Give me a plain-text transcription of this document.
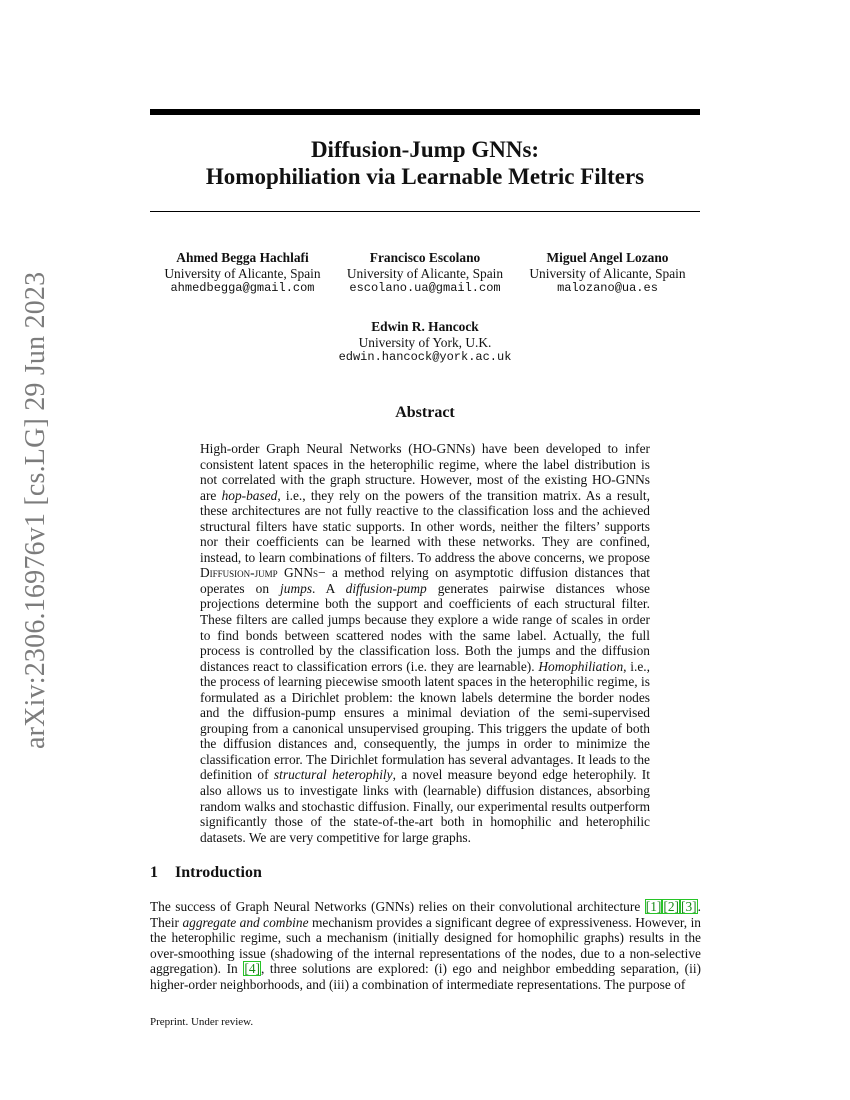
Diffusion-Jump GNNs:
Homophiliation via Learnable Metric Filters
arXiv:2306.16976v1 [cs.LG] 29 Jun 2023
Ahmed Begga Hachlafi
University of Alicante, Spain
ahmedbegga@gmail.com
Francisco Escolano
University of Alicante, Spain
escolano.ua@gmail.com
Miguel Angel Lozano
University of Alicante, Spain
malozano@ua.es
Edwin R. Hancock
University of York, U.K.
edwin.hancock@york.ac.uk
Abstract
High-order Graph Neural Networks (HO-GNNs) have been developed to infer consistent latent spaces in the heterophilic regime, where the label distribution is not correlated with the graph structure. However, most of the existing HO-GNNs are hop-based, i.e., they rely on the powers of the transition matrix. As a result, these architectures are not fully reactive to the classification loss and the achieved structural filters have static supports. In other words, neither the filters’ supports nor their coefficients can be learned with these networks. They are confined, instead, to learn combinations of filters. To address the above concerns, we propose Diffusion-jump GNNs− a method relying on asymptotic diffusion distances that operates on jumps. A diffusion-pump generates pairwise distances whose projections determine both the support and coefficients of each structural filter. These filters are called jumps because they explore a wide range of scales in order to find bonds between scattered nodes with the same label. Actually, the full process is controlled by the classification loss. Both the jumps and the diffusion distances react to classification errors (i.e. they are learnable). Homophiliation, i.e., the process of learning piecewise smooth latent spaces in the heterophilic regime, is formulated as a Dirichlet problem: the known labels determine the border nodes and the diffusion-pump ensures a minimal deviation of the semi-supervised grouping from a canonical unsupervised grouping. This triggers the update of both the diffusion distances and, consequently, the jumps in order to minimize the classification error. The Dirichlet formulation has several advantages. It leads to the definition of structural heterophily, a novel measure beyond edge heterophily. It also allows us to investigate links with (learnable) diffusion distances, absorbing random walks and stochastic diffusion. Finally, our experimental results outperform significantly those of the state-of-the-art both in homophilic and heterophilic datasets. We are very competitive for large graphs.
1 Introduction
The success of Graph Neural Networks (GNNs) relies on their convolutional architecture [1] [2] [3]. Their aggregate and combine mechanism provides a significant degree of expressiveness. However, in the heterophilic regime, such a mechanism (initially designed for homophilic graphs) results in the over-smoothing issue (shadowing of the internal representations of the nodes, due to a non-selective aggregation). In [4], three solutions are explored: (i) ego and neighbor embedding separation, (ii) higher-order neighborhoods, and (iii) a combination of intermediate representations. The purpose of
Preprint. Under review.
